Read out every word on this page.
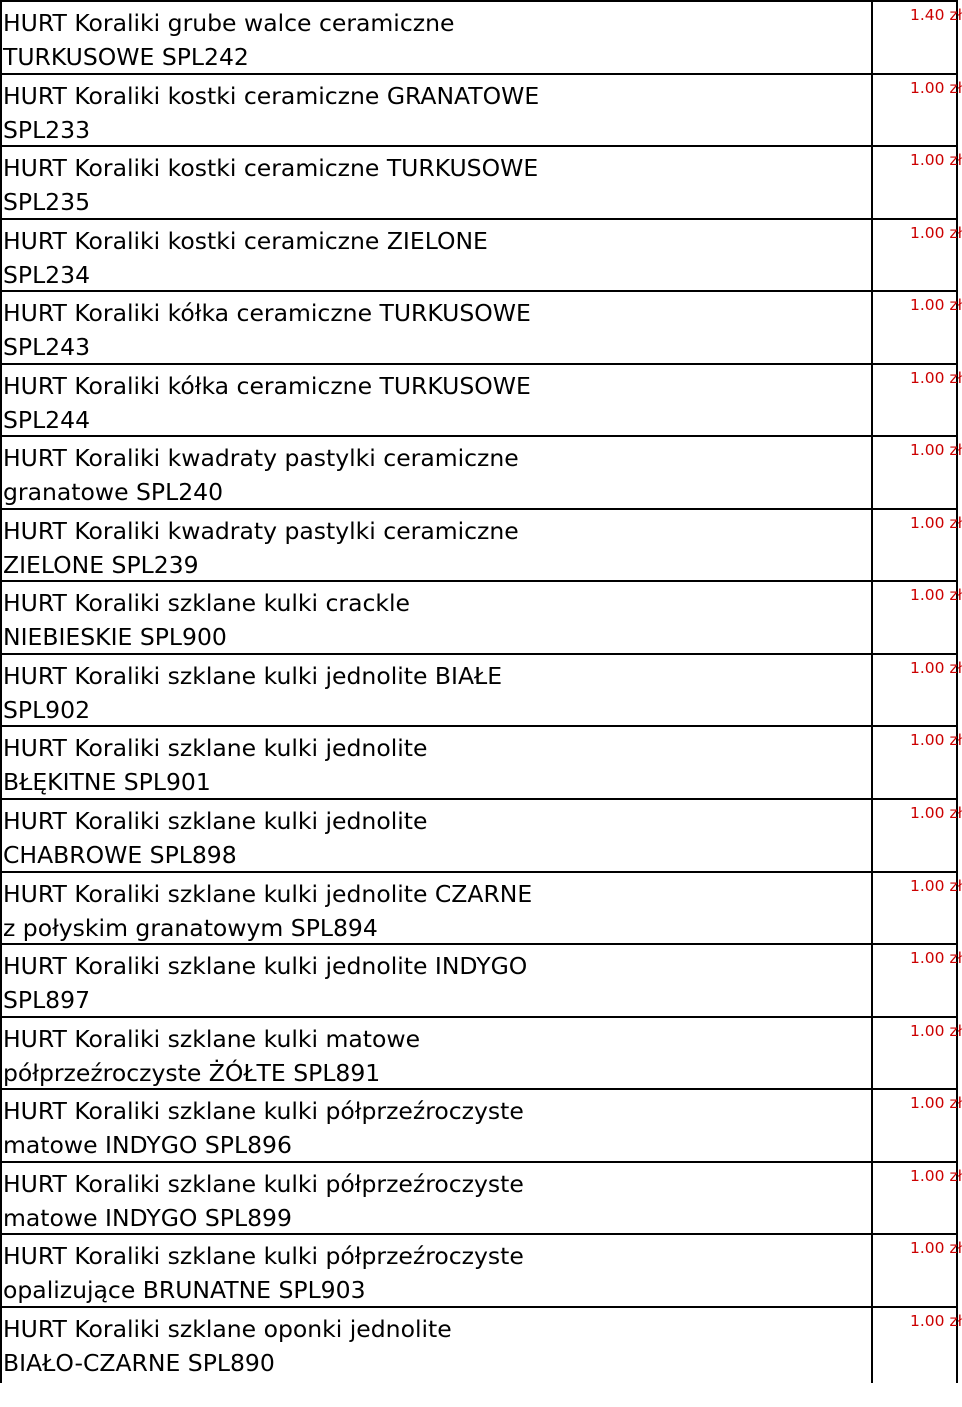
HURT Koraliki grube walce ceramiczne
TURKUSOWE SPL242
1.40 zł
HURT Koraliki kostki ceramiczne GRANATOWE
SPL233
1.00 zł
HURT Koraliki kostki ceramiczne TURKUSOWE
SPL235
1.00 zł
HURT Koraliki kostki ceramiczne ZIELONE
SPL234
1.00 zł
HURT Koraliki kółka ceramiczne TURKUSOWE
SPL243
1.00 zł
HURT Koraliki kółka ceramiczne TURKUSOWE
SPL244
1.00 zł
HURT Koraliki kwadraty pastylki ceramiczne
granatowe SPL240
1.00 zł
HURT Koraliki kwadraty pastylki ceramiczne
ZIELONE SPL239
1.00 zł
HURT Koraliki szklane kulki crackle
NIEBIESKIE SPL900
1.00 zł
HURT Koraliki szklane kulki jednolite BIAŁE
SPL902
1.00 zł
HURT Koraliki szklane kulki jednolite
BŁĘKITNE SPL901
1.00 zł
HURT Koraliki szklane kulki jednolite
CHABROWE SPL898
1.00 zł
HURT Koraliki szklane kulki jednolite CZARNE
z połyskim granatowym SPL894
1.00 zł
HURT Koraliki szklane kulki jednolite INDYGO
SPL897
1.00 zł
HURT Koraliki szklane kulki matowe
półprzeźroczyste ŻÓŁTE SPL891
1.00 zł
HURT Koraliki szklane kulki półprzeźroczyste
matowe INDYGO SPL896
1.00 zł
HURT Koraliki szklane kulki półprzeźroczyste
matowe INDYGO SPL899
1.00 zł
HURT Koraliki szklane kulki półprzeźroczyste
opalizujące BRUNATNE SPL903
1.00 zł
HURT Koraliki szklane oponki jednolite
BIAŁO-CZARNE SPL890
1.00 zł
